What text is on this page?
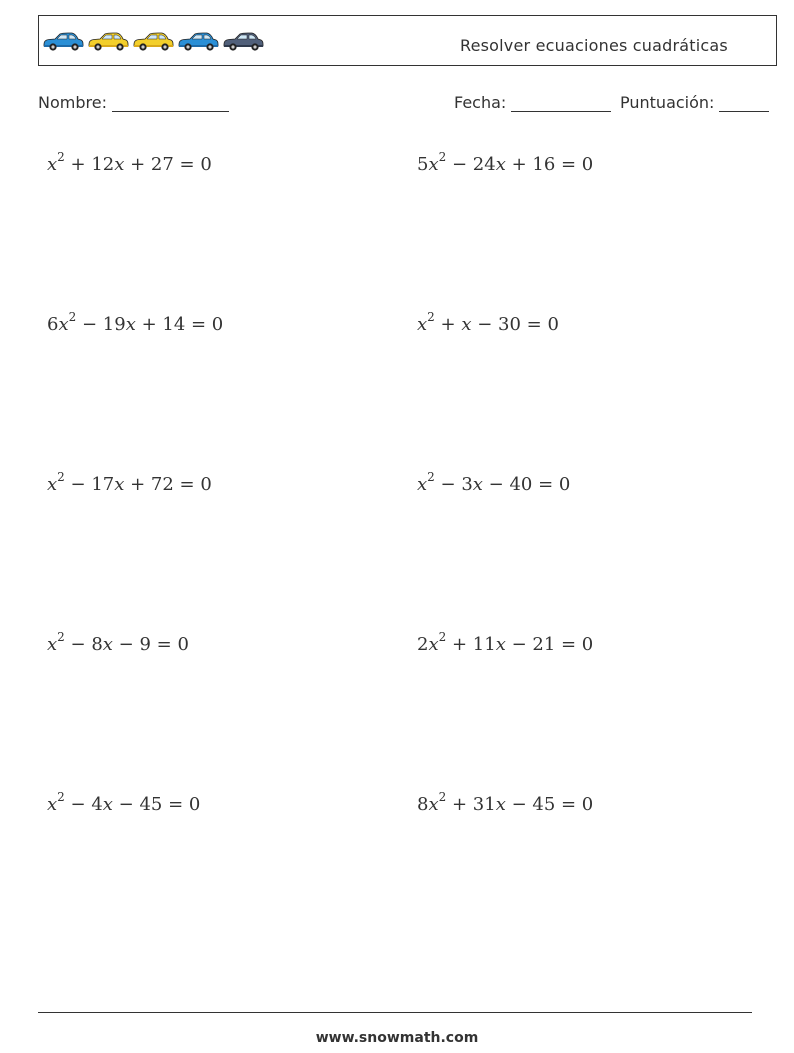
Resolver ecuaciones cuadráticas
Nombre:	Fecha:	Puntuación:
$x^2 + 12x + 27 = 0$	$5x^2 - 24x + 16 = 0$
$6x^2 - 19x + 14 = 0$	$x^2 + x - 30 = 0$
$x^2 - 17x + 72 = 0$	$x^2 - 3x - 40 = 0$
$x^2 - 8x - 9 = 0$	$2x^2 + 11x - 21 = 0$
$x^2 - 4x - 45 = 0$	$8x^2 + 31x - 45 = 0$
www.snowmath.com
